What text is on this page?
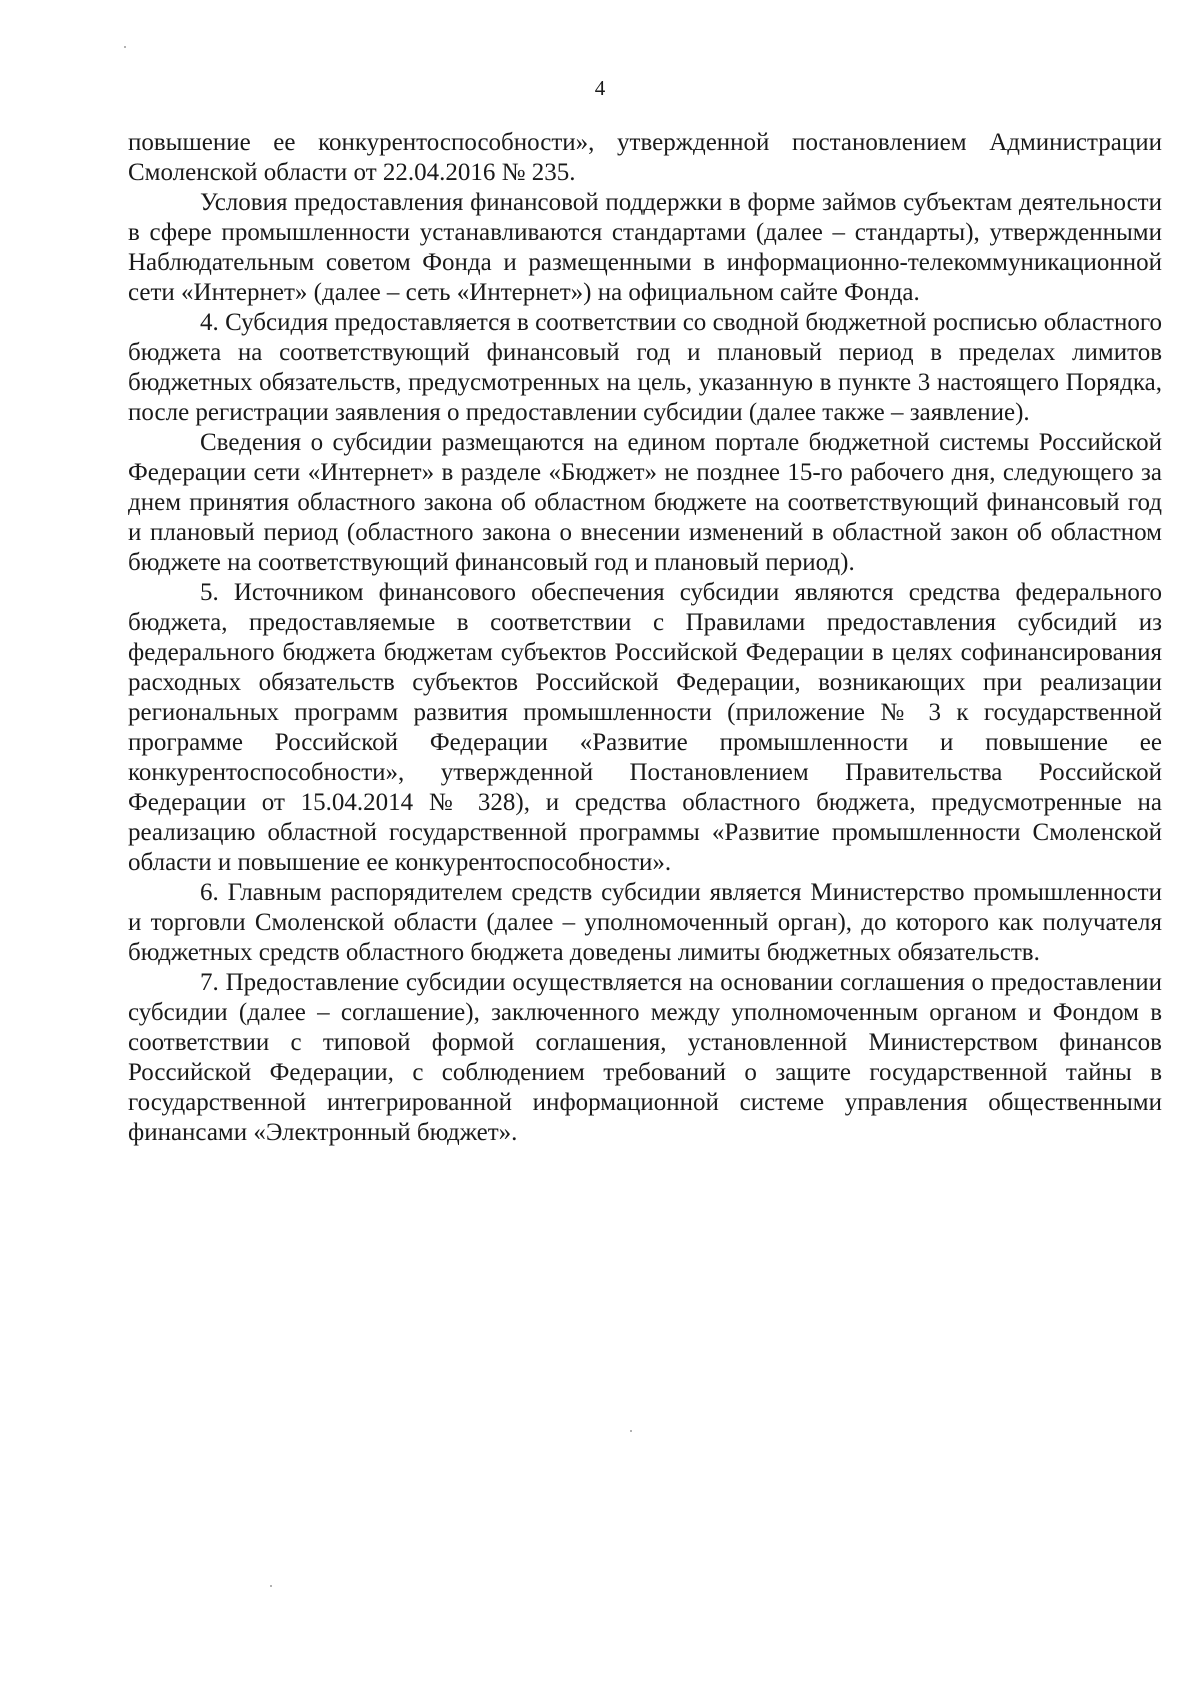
4

повышение ее конкурентоспособности», утвержденной постановлением Администрации Смоленской области от 22.04.2016 № 235.

Условия предоставления финансовой поддержки в форме займов субъектам деятельности в сфере промышленности устанавливаются стандартами (далее – стандарты), утвержденными Наблюдательным советом Фонда и размещенными в информационно-телекоммуникационной сети «Интернет» (далее – сеть «Интернет») на официальном сайте Фонда.

4. Субсидия предоставляется в соответствии со сводной бюджетной росписью областного бюджета на соответствующий финансовый год и плановый период в пределах лимитов бюджетных обязательств, предусмотренных на цель, указанную в пункте 3 настоящего Порядка, после регистрации заявления о предоставлении субсидии (далее также – заявление).

Сведения о субсидии размещаются на едином портале бюджетной системы Российской Федерации сети «Интернет» в разделе «Бюджет» не позднее 15-го рабочего дня, следующего за днем принятия областного закона об областном бюджете на соответствующий финансовый год и плановый период (областного закона о внесении изменений в областной закон об областном бюджете на соответствующий финансовый год и плановый период).

5. Источником финансового обеспечения субсидии являются средства федерального бюджета, предоставляемые в соответствии с Правилами предоставления субсидий из федерального бюджета бюджетам субъектов Российской Федерации в целях софинансирования расходных обязательств субъектов Российской Федерации, возникающих при реализации региональных программ развития промышленности (приложение № 3 к государственной программе Российской Федерации «Развитие промышленности и повышение ее конкурентоспособности», утвержденной Постановлением Правительства Российской Федерации от 15.04.2014 № 328), и средства областного бюджета, предусмотренные на реализацию областной государственной программы «Развитие промышленности Смоленской области и повышение ее конкурентоспособности».

6. Главным распорядителем средств субсидии является Министерство промышленности и торговли Смоленской области (далее – уполномоченный орган), до которого как получателя бюджетных средств областного бюджета доведены лимиты бюджетных обязательств.

7. Предоставление субсидии осуществляется на основании соглашения о предоставлении субсидии (далее – соглашение), заключенного между уполномоченным органом и Фондом в соответствии с типовой формой соглашения, установленной Министерством финансов Российской Федерации, с соблюдением требований о защите государственной тайны в государственной интегрированной информационной системе управления общественными финансами «Электронный бюджет».
